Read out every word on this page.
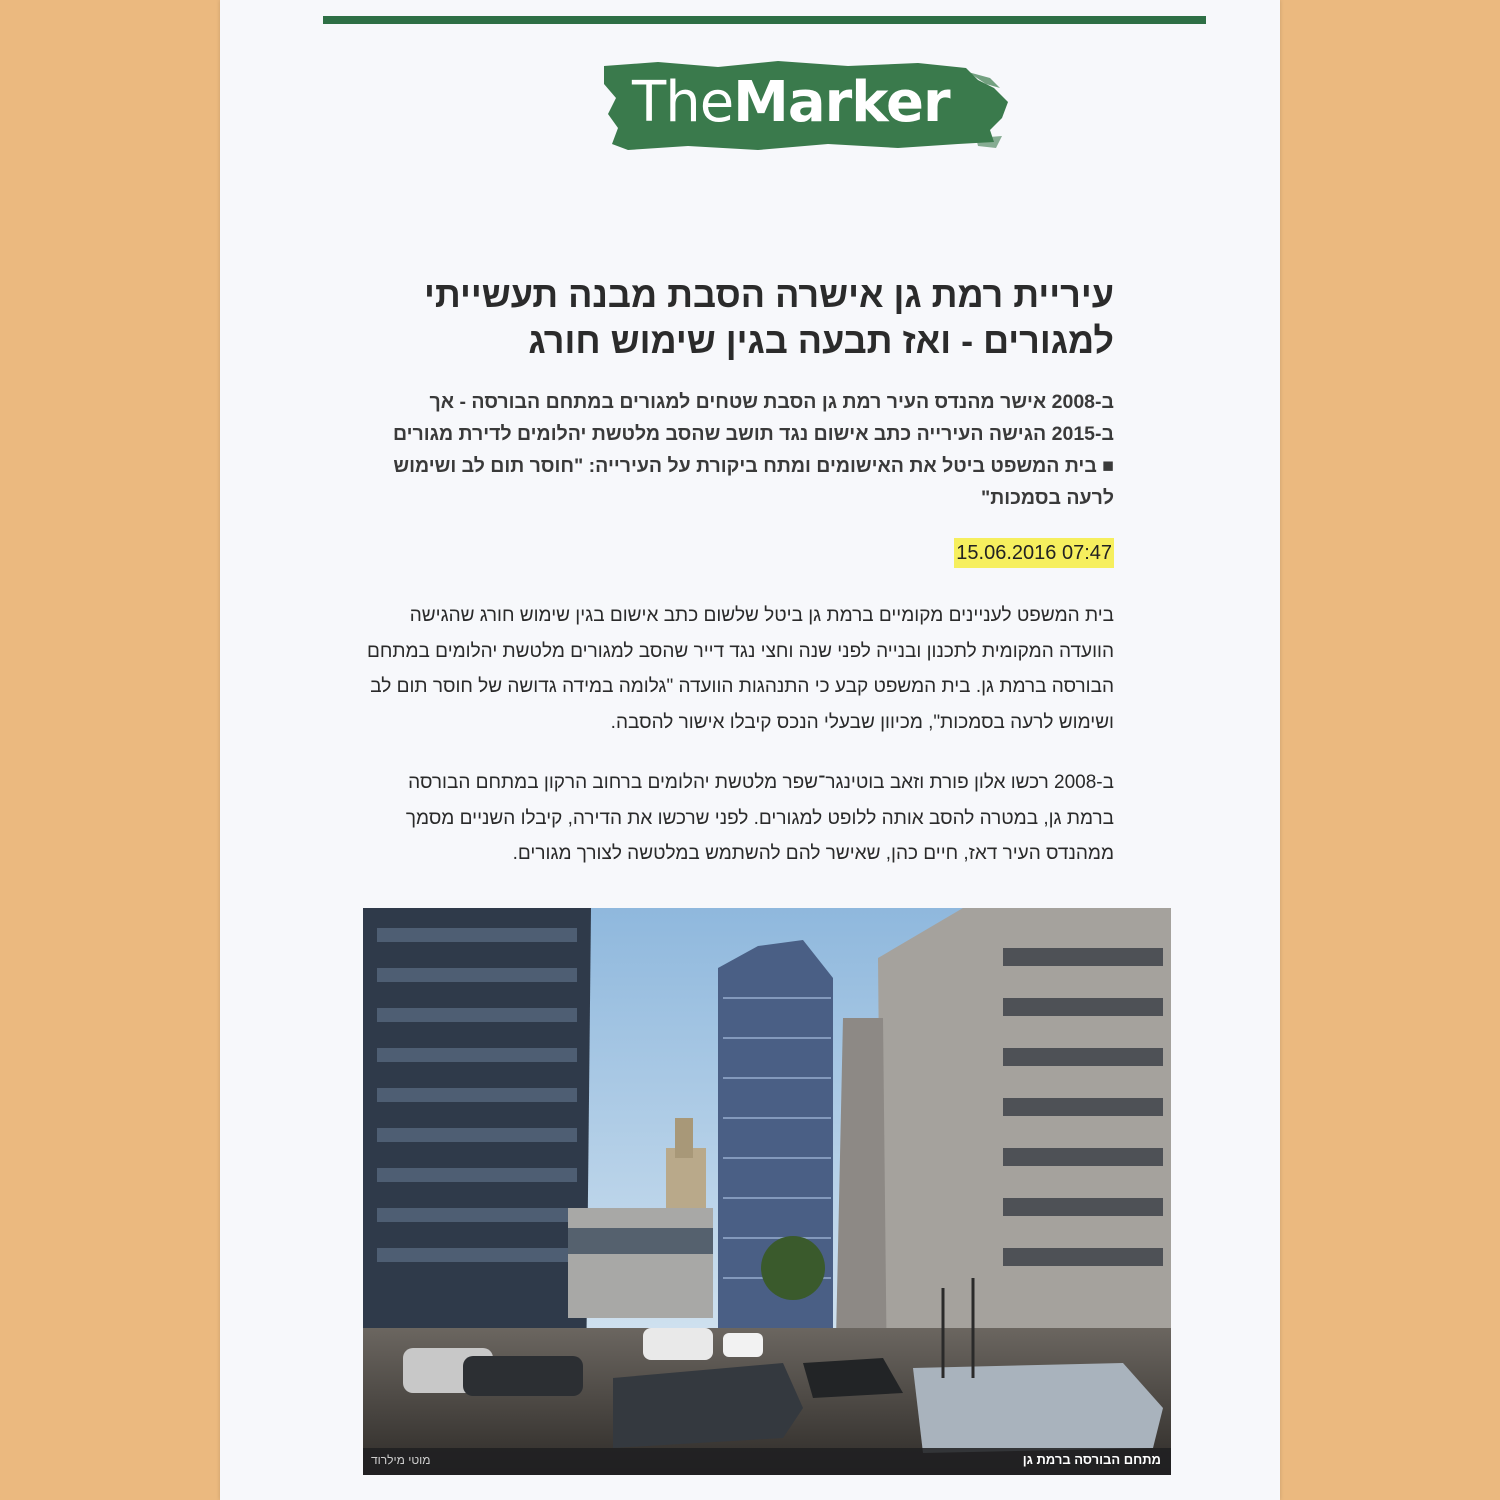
TheMarker
עיריית רמת גן אישרה הסבת מבנה תעשייתי למגורים - ואז תבעה בגין שימוש חורג

ב-2008 אישר מהנדס העיר רמת גן הסבת שטחים למגורים במתחם הבורסה - אך ב-2015 הגישה העירייה כתב אישום נגד תושב שהסב מלטשת יהלומים לדירת מגורים ■ בית המשפט ביטל את האישומים ומתח ביקורת על העירייה: "חוסר תום לב ושימוש לרעה בסמכות"

15.06.2016 07:47

בית המשפט לעניינים מקומיים ברמת גן ביטל שלשום כתב אישום בגין שימוש חורג שהגישה הוועדה המקומית לתכנון ובנייה לפני שנה וחצי נגד דייר שהסב למגורים מלטשת יהלומים במתחם הבורסה ברמת גן. בית המשפט קבע כי התנהגות הוועדה "גלומה במידה גדושה של חוסר תום לב ושימוש לרעה בסמכות", מכיוון שבעלי הנכס קיבלו אישור להסבה.

ב-2008 רכשו אלון פורת וזאב בוטינגר־שפר מלטשת יהלומים ברחוב הרקון במתחם הבורסה ברמת גן, במטרה להסב אותה ללופט למגורים. לפני שרכשו את הדירה, קיבלו השניים מסמך ממהנדס העיר דאז, חיים כהן, שאישר להם להשתמש במלטשה לצורך מגורים.

מתחם הבורסה ברמת גן
מוטי מילרוד
